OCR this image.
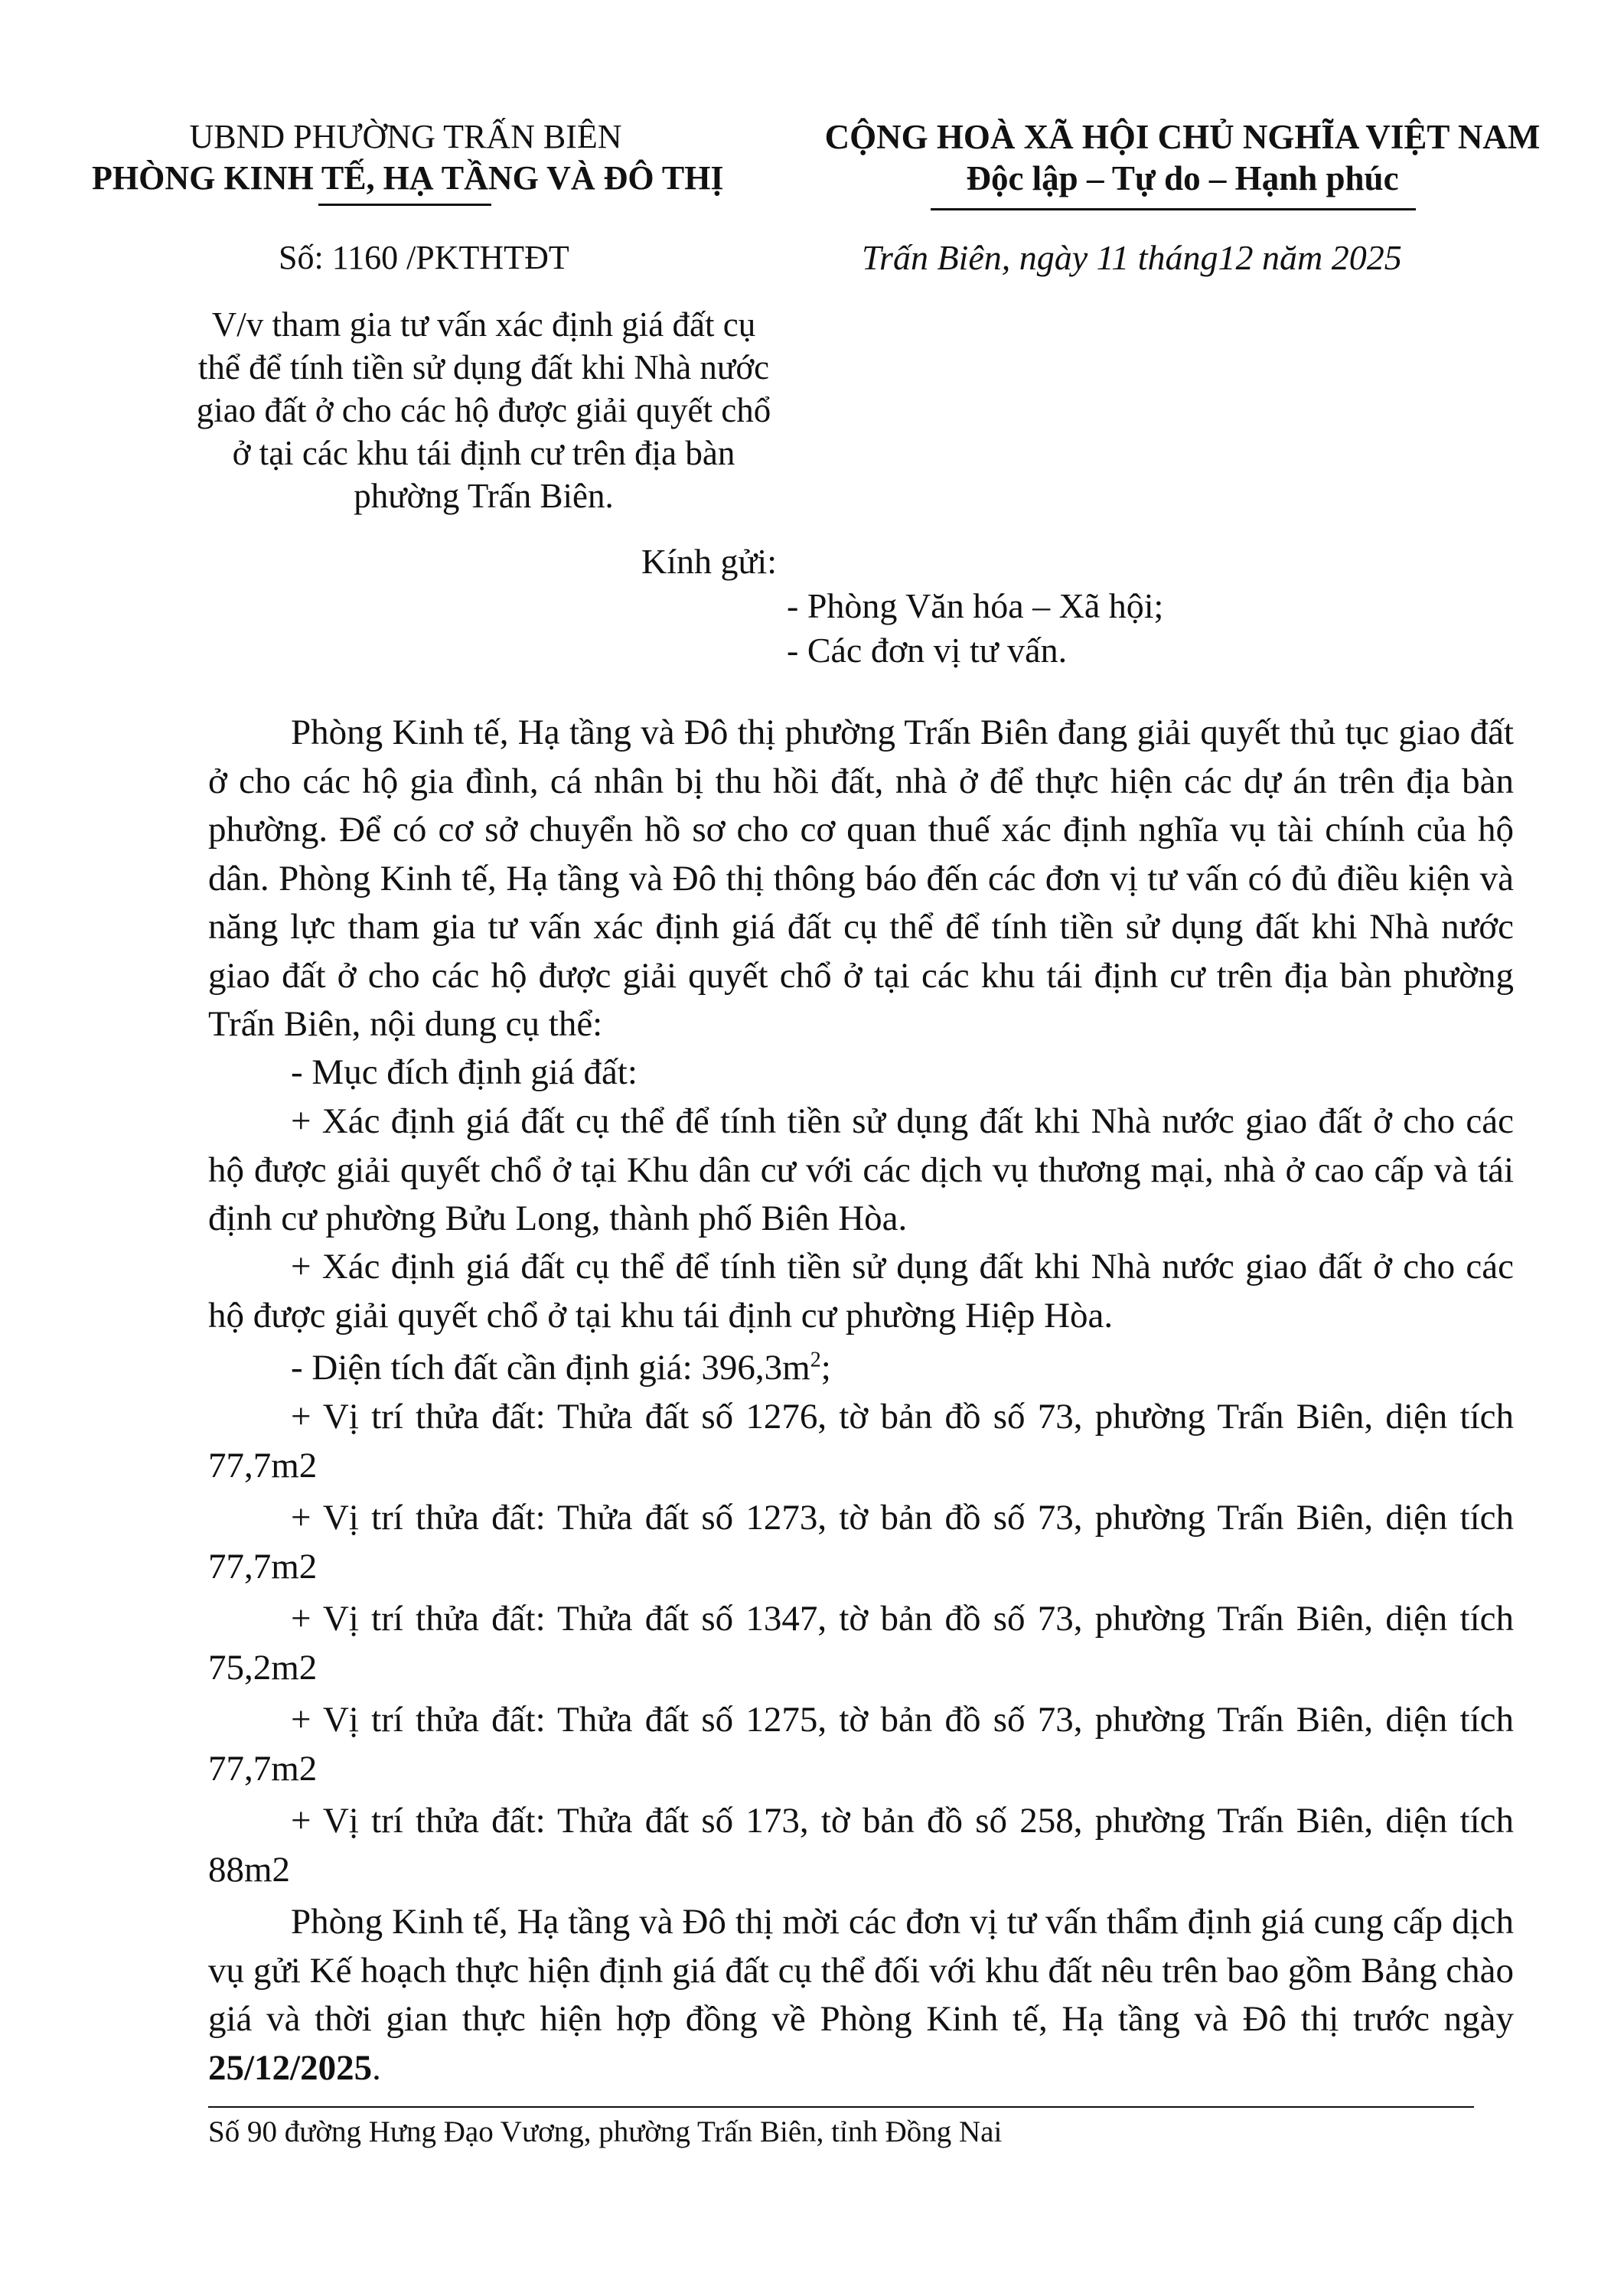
UBND PHƯỜNG TRẤN BIÊN
PHÒNG KINH TẾ, HẠ TẦNG VÀ ĐÔ THỊ
Số: 1160 /PKTHTĐT
V/v tham gia tư vấn xác định giá đất cụ thể để tính tiền sử dụng đất khi Nhà nước giao đất ở cho các hộ được giải quyết chổ ở tại các khu tái định cư trên địa bàn phường Trấn Biên.
CỘNG HOÀ XÃ HỘI CHỦ NGHĨA VIỆT NAM
Độc lập – Tự do – Hạnh phúc
Trấn Biên, ngày 11 tháng12 năm 2025
Kính gửi:
- Phòng Văn hóa – Xã hội;
- Các đơn vị tư vấn.

Phòng Kinh tế, Hạ tầng và Đô thị phường Trấn Biên đang giải quyết thủ tục giao đất ở cho các hộ gia đình, cá nhân bị thu hồi đất, nhà ở để thực hiện các dự án trên địa bàn phường. Để có cơ sở chuyển hồ sơ cho cơ quan thuế xác định nghĩa vụ tài chính của hộ dân. Phòng Kinh tế, Hạ tầng và Đô thị thông báo đến các đơn vị tư vấn có đủ điều kiện và năng lực tham gia tư vấn xác định giá đất cụ thể để tính tiền sử dụng đất khi Nhà nước giao đất ở cho các hộ được giải quyết chổ ở tại các khu tái định cư trên địa bàn phường Trấn Biên, nội dung cụ thể:

- Mục đích định giá đất:

+ Xác định giá đất cụ thể để tính tiền sử dụng đất khi Nhà nước giao đất ở cho các hộ được giải quyết chổ ở tại Khu dân cư với các dịch vụ thương mại, nhà ở cao cấp và tái định cư phường Bửu Long, thành phố Biên Hòa.

+ Xác định giá đất cụ thể để tính tiền sử dụng đất khi Nhà nước giao đất ở cho các hộ được giải quyết chổ ở tại khu tái định cư phường Hiệp Hòa.

- Diện tích đất cần định giá: $396,3m^2$;

+ Vị trí thửa đất: Thửa đất số 1276, tờ bản đồ số 73, phường Trấn Biên, diện tích 77,7m2

+ Vị trí thửa đất: Thửa đất số 1273, tờ bản đồ số 73, phường Trấn Biên, diện tích 77,7m2

+ Vị trí thửa đất: Thửa đất số 1347, tờ bản đồ số 73, phường Trấn Biên, diện tích 75,2m2

+ Vị trí thửa đất: Thửa đất số 1275, tờ bản đồ số 73, phường Trấn Biên, diện tích 77,7m2

+ Vị trí thửa đất: Thửa đất số 173, tờ bản đồ số 258, phường Trấn Biên, diện tích 88m2

Phòng Kinh tế, Hạ tầng và Đô thị mời các đơn vị tư vấn thẩm định giá cung cấp dịch vụ gửi Kế hoạch thực hiện định giá đất cụ thể đối với khu đất nêu trên bao gồm Bảng chào giá và thời gian thực hiện hợp đồng về Phòng Kinh tế, Hạ tầng và Đô thị trước ngày 25/12/2025.

Số 90 đường Hưng Đạo Vương, phường Trấn Biên, tỉnh Đồng Nai
